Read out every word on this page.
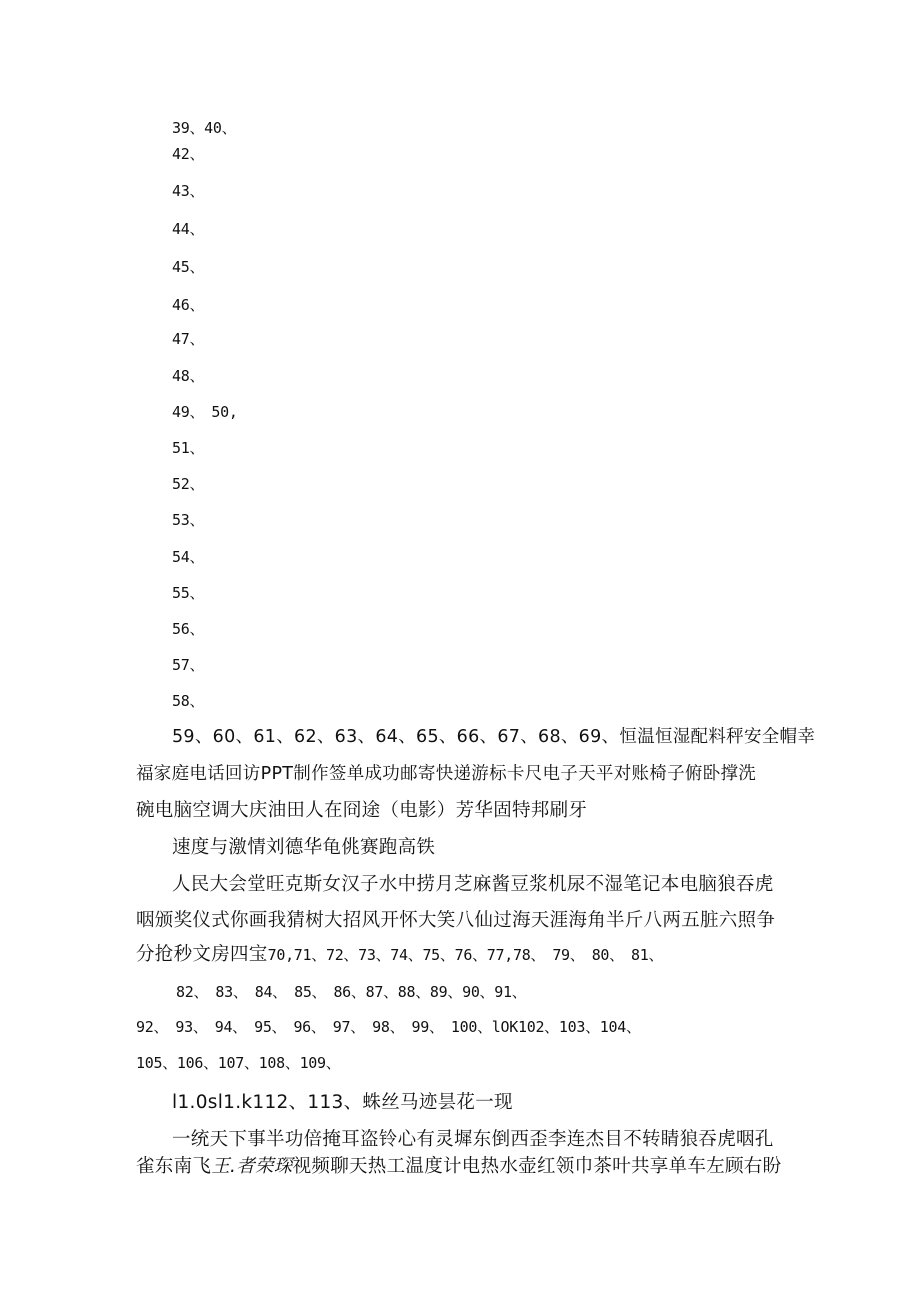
39、40、
42、
43、
44、
45、
46、
47、
48、
49、　50,
51、
52、
53、
54、
55、
56、
57、
58、
59、60、61、62、63、64、65、66、67、68、69、恒温恒湿配料秤安全帽幸
福家庭电话回访PPT制作签单成功邮寄快递游标卡尺电子天平对账椅子俯卧撑洗
碗电脑空调大庆油田人在冏途（电影）芳华固特邦刷牙
速度与激情刘德华龟佻赛跑高铁
人民大会堂旺克斯女汉子水中捞月芝麻酱豆浆机尿不湿笔记本电脑狼吞虎
咽颁奖仪式你画我猜树大招风开怀大笑八仙过海天涯海角半斤八两五脏六照争
分抢秒文房四宝70,71、72、73、74、75、76、77,78、　79、　80、　81、
82、　83、　84、　85、　86、87、88、89、90、91、
92、　93、　94、　95、　96、　97、　98、　99、　100、lOK102、103、104、
105、106、107、108、109、
l1.0sl1.k112、113、蛛丝马迹昙花一现
一统天下事半功倍掩耳盗铃心有灵墀东倒西歪李连杰目不转睛狼吞虎咽孔
雀东南飞王.者荣琛视频聊天热工温度计电热水壶红领巾茶叶共享单车左顾右盼
